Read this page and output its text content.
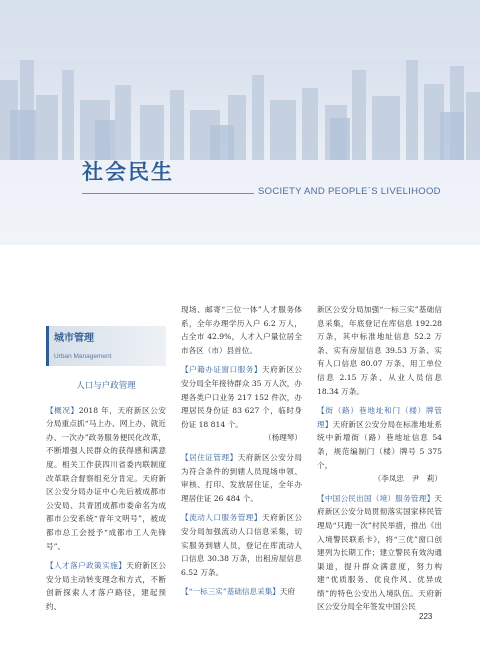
社会民生
SOCIETY AND PEOPLE`S LIVELIHOOD
城市管理
Urban Management
人口与户政管理

【概况】2018 年，天府新区公安分局重点抓“马上办、网上办、就近办、一次办”政务服务便民化改革，不断增强人民群众的获得感和满意度。相关工作获四川省委内联制度改革联合督察组充分肯定。天府新区公安分局办证中心先后被成都市公安局、共青团成都市委命名为成都市公安系统“青年文明号”，被成都市总工会授予“成都市工人先锋号”。

【人才落户政策实施】天府新区公安分局主动转变理念和方式，不断创新探索人才落户路径，建起预约、

现场、邮寄“三位一体”人才服务体系，全年办理学历入户 6.2 万人，占全市 42.9%，人才入户量位居全市各区（市）县首位。

【户籍办证窗口服务】天府新区公安分局全年接待群众 35 万人次，办理各类户口业务 217 152 件次，办理居民身份证 83 627 个，临时身份证 18 814 个。

（杨理琴）

【居住证管理】天府新区公安分局为符合条件的到辖人员现场申领、审核、打印、发放居住证，全年办理居住证 26 484 个。

【流动人口服务管理】天府新区公安分局加强流动人口信息采集，切实服务到辖人员，登记在库流动人口信息 30.38 万条，出租房屋信息 6.52 万条。

【“一标三实”基础信息采集】天府

新区公安分局加强“一标三实”基础信息采集，年底登记在库信息 192.28 万条，其中标准地址信息 52.2 万条、实有房屋信息 39.53 万条、实有人口信息 80.07 万条、用工单位信息 2.15 万条、从业人员信息 18.34 万条。

【街（路）巷地址和门（楼）牌管理】天府新区公安分局在标准地址系统中新增街（路）巷地址信息 54 条，规范编制门（楼）牌号 5 375 个。

（李凤忠　尹　莉）

【中国公民出国（境）服务管理】天府新区公安分局贯彻落实国家移民管理局“只跑一次”村民举措，推出《出入境警民联系卡》，将“三优”窗口创建列为长期工作；建立警民有效沟通渠道，提升群众满意度，努力构建“优质服务、优良作风、优异成绩”的特色公安出入境队伍。天府新区公安分局全年签发中国公民

223
